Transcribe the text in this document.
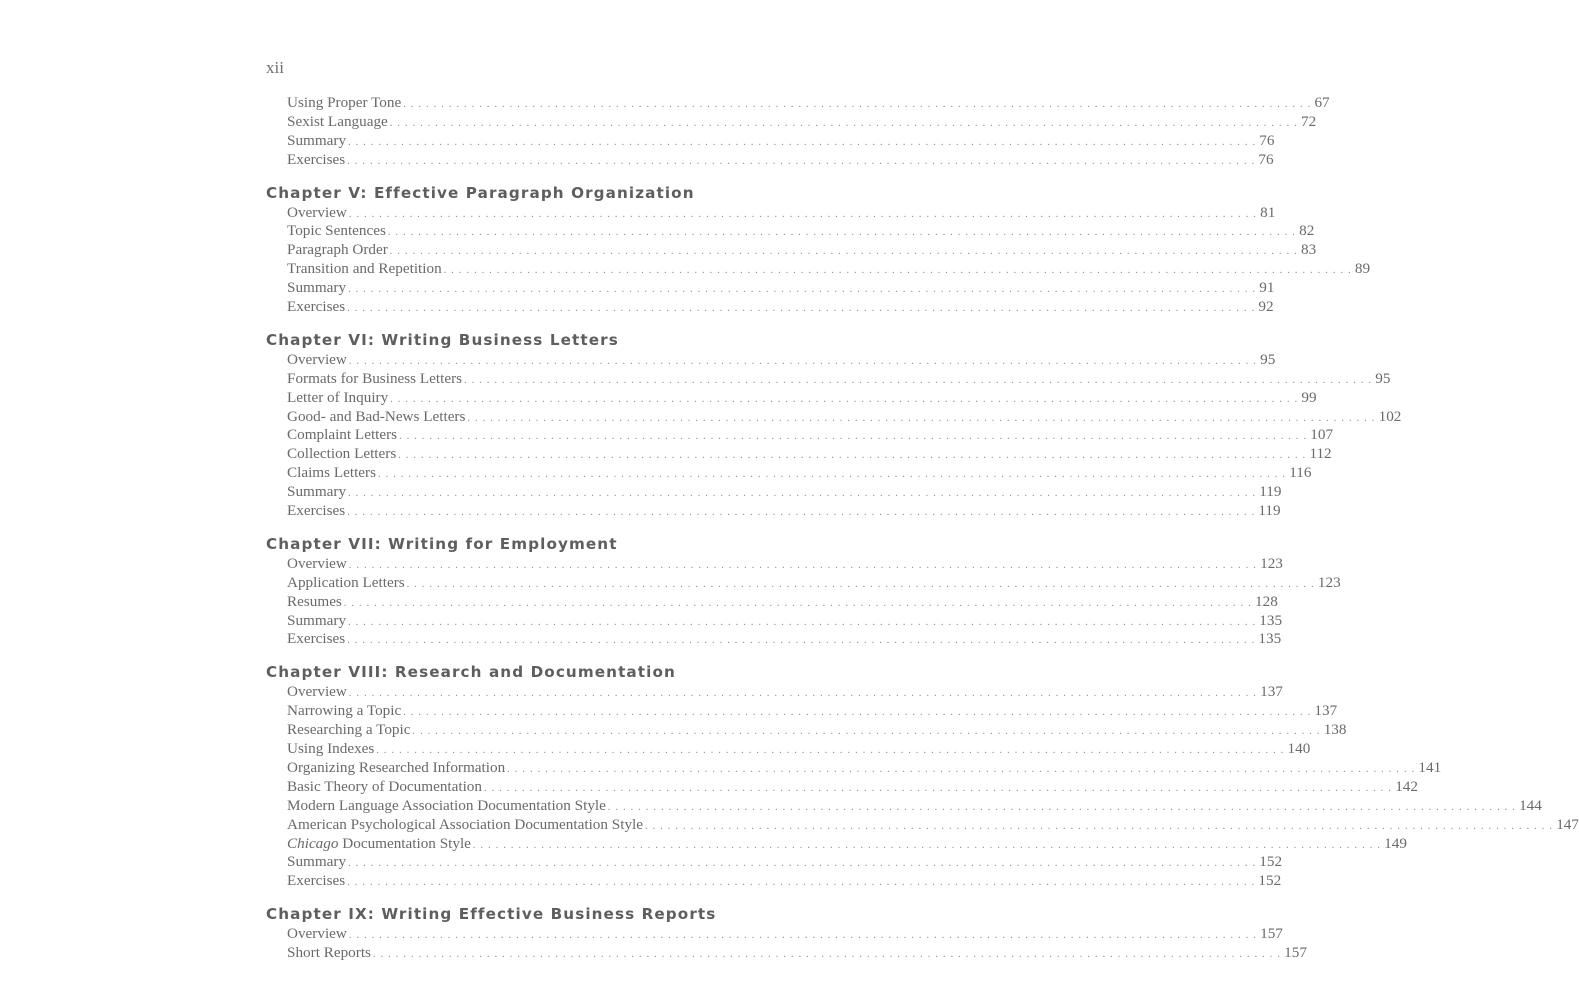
xii
Using Proper Tone . . . . . . . . . . . . . . . . . . . . . . . . . . . . . . . . . . . . . . . . . . . . . . . . . . . . . . . . . . . . . . . . . . . . . . . . . . . . . . . . . . . . . . . . . . . . . . . . . . . . . . . . . . . . . . . . . . . . . . . . 67
Sexist Language . . . . . . . . . . . . . . . . . . . . . . . . . . . . . . . . . . . . . . . . . . . . . . . . . . . . . . . . . . . . . . . . . . . . . . . . . . . . . . . . . . . . . . . . . . . . . . . . . . . . . . . . . . . . . . . . . . . . . . . . 72
Summary . . . . . . . . . . . . . . . . . . . . . . . . . . . . . . . . . . . . . . . . . . . . . . . . . . . . . . . . . . . . . . . . . . . . . . . . . . . . . . . . . . . . . . . . . . . . . . . . . . . . . . . . . . . . . . . . . . . . . . . . 76
Exercises . . . . . . . . . . . . . . . . . . . . . . . . . . . . . . . . . . . . . . . . . . . . . . . . . . . . . . . . . . . . . . . . . . . . . . . . . . . . . . . . . . . . . . . . . . . . . . . . . . . . . . . . . . . . . . . . . . . . . . . . 76
Chapter V: Effective Paragraph Organization
Overview . . . . . . . . . . . . . . . . . . . . . . . . . . . . . . . . . . . . . . . . . . . . . . . . . . . . . . . . . . . . . . . . . . . . . . . . . . . . . . . . . . . . . . . . . . . . . . . . . . . . . . . . . . . . . . . . . . . . . . . . 81
Topic Sentences . . . . . . . . . . . . . . . . . . . . . . . . . . . . . . . . . . . . . . . . . . . . . . . . . . . . . . . . . . . . . . . . . . . . . . . . . . . . . . . . . . . . . . . . . . . . . . . . . . . . . . . . . . . . . . . . . . . . . . . . 82
Paragraph Order . . . . . . . . . . . . . . . . . . . . . . . . . . . . . . . . . . . . . . . . . . . . . . . . . . . . . . . . . . . . . . . . . . . . . . . . . . . . . . . . . . . . . . . . . . . . . . . . . . . . . . . . . . . . . . . . . . . . . . . . 83
Transition and Repetition . . . . . . . . . . . . . . . . . . . . . . . . . . . . . . . . . . . . . . . . . . . . . . . . . . . . . . . . . . . . . . . . . . . . . . . . . . . . . . . . . . . . . . . . . . . . . . . . . . . . . . . . . . . . . . . . . . . . . . . . 89
Summary . . . . . . . . . . . . . . . . . . . . . . . . . . . . . . . . . . . . . . . . . . . . . . . . . . . . . . . . . . . . . . . . . . . . . . . . . . . . . . . . . . . . . . . . . . . . . . . . . . . . . . . . . . . . . . . . . . . . . . . . 91
Exercises . . . . . . . . . . . . . . . . . . . . . . . . . . . . . . . . . . . . . . . . . . . . . . . . . . . . . . . . . . . . . . . . . . . . . . . . . . . . . . . . . . . . . . . . . . . . . . . . . . . . . . . . . . . . . . . . . . . . . . . . 92
Chapter VI: Writing Business Letters
Overview . . . . . . . . . . . . . . . . . . . . . . . . . . . . . . . . . . . . . . . . . . . . . . . . . . . . . . . . . . . . . . . . . . . . . . . . . . . . . . . . . . . . . . . . . . . . . . . . . . . . . . . . . . . . . . . . . . . . . . . . 95
Formats for Business Letters . . . . . . . . . . . . . . . . . . . . . . . . . . . . . . . . . . . . . . . . . . . . . . . . . . . . . . . . . . . . . . . . . . . . . . . . . . . . . . . . . . . . . . . . . . . . . . . . . . . . . . . . . . . . . . . . . . . . . . . . 95
Letter of Inquiry . . . . . . . . . . . . . . . . . . . . . . . . . . . . . . . . . . . . . . . . . . . . . . . . . . . . . . . . . . . . . . . . . . . . . . . . . . . . . . . . . . . . . . . . . . . . . . . . . . . . . . . . . . . . . . . . . . . . . . . . 99
Good- and Bad-News Letters . . . . . . . . . . . . . . . . . . . . . . . . . . . . . . . . . . . . . . . . . . . . . . . . . . . . . . . . . . . . . . . . . . . . . . . . . . . . . . . . . . . . . . . . . . . . . . . . . . . . . . . . . . . . . . . . . . . . . . . . 102
Complaint Letters . . . . . . . . . . . . . . . . . . . . . . . . . . . . . . . . . . . . . . . . . . . . . . . . . . . . . . . . . . . . . . . . . . . . . . . . . . . . . . . . . . . . . . . . . . . . . . . . . . . . . . . . . . . . . . . . . . . . . . . . 107
Collection Letters . . . . . . . . . . . . . . . . . . . . . . . . . . . . . . . . . . . . . . . . . . . . . . . . . . . . . . . . . . . . . . . . . . . . . . . . . . . . . . . . . . . . . . . . . . . . . . . . . . . . . . . . . . . . . . . . . . . . . . . . 112
Claims Letters . . . . . . . . . . . . . . . . . . . . . . . . . . . . . . . . . . . . . . . . . . . . . . . . . . . . . . . . . . . . . . . . . . . . . . . . . . . . . . . . . . . . . . . . . . . . . . . . . . . . . . . . . . . . . . . . . . . . . . . . 116
Summary . . . . . . . . . . . . . . . . . . . . . . . . . . . . . . . . . . . . . . . . . . . . . . . . . . . . . . . . . . . . . . . . . . . . . . . . . . . . . . . . . . . . . . . . . . . . . . . . . . . . . . . . . . . . . . . . . . . . . . . . 119
Exercises . . . . . . . . . . . . . . . . . . . . . . . . . . . . . . . . . . . . . . . . . . . . . . . . . . . . . . . . . . . . . . . . . . . . . . . . . . . . . . . . . . . . . . . . . . . . . . . . . . . . . . . . . . . . . . . . . . . . . . . . 119
Chapter VII: Writing for Employment
Overview . . . . . . . . . . . . . . . . . . . . . . . . . . . . . . . . . . . . . . . . . . . . . . . . . . . . . . . . . . . . . . . . . . . . . . . . . . . . . . . . . . . . . . . . . . . . . . . . . . . . . . . . . . . . . . . . . . . . . . . . 123
Application Letters . . . . . . . . . . . . . . . . . . . . . . . . . . . . . . . . . . . . . . . . . . . . . . . . . . . . . . . . . . . . . . . . . . . . . . . . . . . . . . . . . . . . . . . . . . . . . . . . . . . . . . . . . . . . . . . . . . . . . . . . 123
Resumes . . . . . . . . . . . . . . . . . . . . . . . . . . . . . . . . . . . . . . . . . . . . . . . . . . . . . . . . . . . . . . . . . . . . . . . . . . . . . . . . . . . . . . . . . . . . . . . . . . . . . . . . . . . . . . . . . . . . . . . . 128
Summary . . . . . . . . . . . . . . . . . . . . . . . . . . . . . . . . . . . . . . . . . . . . . . . . . . . . . . . . . . . . . . . . . . . . . . . . . . . . . . . . . . . . . . . . . . . . . . . . . . . . . . . . . . . . . . . . . . . . . . . . 135
Exercises . . . . . . . . . . . . . . . . . . . . . . . . . . . . . . . . . . . . . . . . . . . . . . . . . . . . . . . . . . . . . . . . . . . . . . . . . . . . . . . . . . . . . . . . . . . . . . . . . . . . . . . . . . . . . . . . . . . . . . . . 135
Chapter VIII: Research and Documentation
Overview . . . . . . . . . . . . . . . . . . . . . . . . . . . . . . . . . . . . . . . . . . . . . . . . . . . . . . . . . . . . . . . . . . . . . . . . . . . . . . . . . . . . . . . . . . . . . . . . . . . . . . . . . . . . . . . . . . . . . . . . 137
Narrowing a Topic . . . . . . . . . . . . . . . . . . . . . . . . . . . . . . . . . . . . . . . . . . . . . . . . . . . . . . . . . . . . . . . . . . . . . . . . . . . . . . . . . . . . . . . . . . . . . . . . . . . . . . . . . . . . . . . . . . . . . . . . 137
Researching a Topic . . . . . . . . . . . . . . . . . . . . . . . . . . . . . . . . . . . . . . . . . . . . . . . . . . . . . . . . . . . . . . . . . . . . . . . . . . . . . . . . . . . . . . . . . . . . . . . . . . . . . . . . . . . . . . . . . . . . . . . . 138
Using Indexes . . . . . . . . . . . . . . . . . . . . . . . . . . . . . . . . . . . . . . . . . . . . . . . . . . . . . . . . . . . . . . . . . . . . . . . . . . . . . . . . . . . . . . . . . . . . . . . . . . . . . . . . . . . . . . . . . . . . . . . . 140
Organizing Researched Information . . . . . . . . . . . . . . . . . . . . . . . . . . . . . . . . . . . . . . . . . . . . . . . . . . . . . . . . . . . . . . . . . . . . . . . . . . . . . . . . . . . . . . . . . . . . . . . . . . . . . . . . . . . . . . . . . . . . . . . . 141
Basic Theory of Documentation . . . . . . . . . . . . . . . . . . . . . . . . . . . . . . . . . . . . . . . . . . . . . . . . . . . . . . . . . . . . . . . . . . . . . . . . . . . . . . . . . . . . . . . . . . . . . . . . . . . . . . . . . . . . . . . . . . . . . . . . 142
Modern Language Association Documentation Style . . . . . . . . . . . . . . . . . . . . . . . . . . . . . . . . . . . . . . . . . . . . . . . . . . . . . . . . . . . . . . . . . . . . . . . . . . . . . . . . . . . . . . . . . . . . . . . . . . . . . . . . . . . . . . . . . . . . . . . . 144
American Psychological Association Documentation Style . . . . . . . . . . . . . . . . . . . . . . . . . . . . . . . . . . . . . . . . . . . . . . . . . . . . . . . . . . . . . . . . . . . . . . . . . . . . . . . . . . . . . . . . . . . . . . . . . . . . . . . . . . . . . . . . . . . . . . . . 147
Chicago Documentation Style . . . . . . . . . . . . . . . . . . . . . . . . . . . . . . . . . . . . . . . . . . . . . . . . . . . . . . . . . . . . . . . . . . . . . . . . . . . . . . . . . . . . . . . . . . . . . . . . . . . . . . . . . . . . . . . . . . . . . . . . 149
Summary . . . . . . . . . . . . . . . . . . . . . . . . . . . . . . . . . . . . . . . . . . . . . . . . . . . . . . . . . . . . . . . . . . . . . . . . . . . . . . . . . . . . . . . . . . . . . . . . . . . . . . . . . . . . . . . . . . . . . . . . 152
Exercises . . . . . . . . . . . . . . . . . . . . . . . . . . . . . . . . . . . . . . . . . . . . . . . . . . . . . . . . . . . . . . . . . . . . . . . . . . . . . . . . . . . . . . . . . . . . . . . . . . . . . . . . . . . . . . . . . . . . . . . . 152
Chapter IX: Writing Effective Business Reports
Overview . . . . . . . . . . . . . . . . . . . . . . . . . . . . . . . . . . . . . . . . . . . . . . . . . . . . . . . . . . . . . . . . . . . . . . . . . . . . . . . . . . . . . . . . . . . . . . . . . . . . . . . . . . . . . . . . . . . . . . . . 157
Short Reports . . . . . . . . . . . . . . . . . . . . . . . . . . . . . . . . . . . . . . . . . . . . . . . . . . . . . . . . . . . . . . . . . . . . . . . . . . . . . . . . . . . . . . . . . . . . . . . . . . . . . . . . . . . . . . . . . . . . . . . . 157
